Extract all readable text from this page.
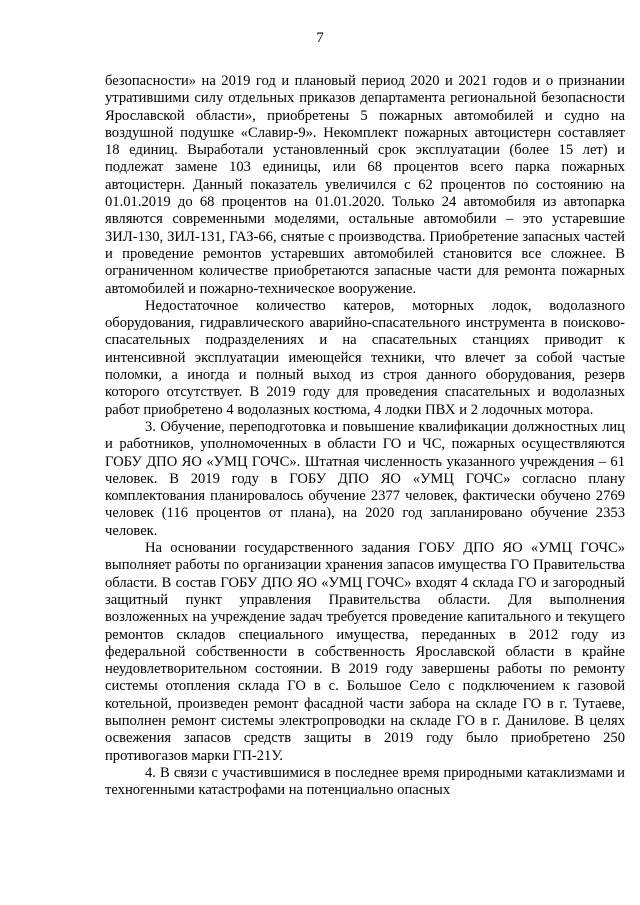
7

безопасности» на 2019 год и плановый период 2020 и 2021 годов и о признании утратившими силу отдельных приказов департамента региональной безопасности Ярославской области», приобретены 5 пожарных автомобилей и судно на воздушной подушке «Славир-9». Некомплект пожарных автоцистерн составляет 18 единиц. Выработали установленный срок эксплуатации (более 15 лет) и подлежат замене 103 единицы, или 68 процентов всего парка пожарных автоцистерн. Данный показатель увеличился с 62 процентов по состоянию на 01.01.2019 до 68 процентов на 01.01.2020. Только 24 автомобиля из автопарка являются современными моделями, остальные автомобили – это устаревшие ЗИЛ-130, ЗИЛ-131, ГАЗ-66, снятые с производства. Приобретение запасных частей и проведение ремонтов устаревших автомобилей становится все сложнее. В ограниченном количестве приобретаются запасные части для ремонта пожарных автомобилей и пожарно-техническое вооружение.

Недостаточное количество катеров, моторных лодок, водолазного оборудования, гидравлического аварийно-спасательного инструмента в поисково-спасательных подразделениях и на спасательных станциях приводит к интенсивной эксплуатации имеющейся техники, что влечет за собой частые поломки, а иногда и полный выход из строя данного оборудования, резерв которого отсутствует. В 2019 году для проведения спасательных и водолазных работ приобретено 4 водолазных костюма, 4 лодки ПВХ и 2 лодочных мотора.

3. Обучение, переподготовка и повышение квалификации должностных лиц и работников, уполномоченных в области ГО и ЧС, пожарных осуществляются ГОБУ ДПО ЯО «УМЦ ГОЧС». Штатная численность указанного учреждения – 61 человек. В 2019 году в ГОБУ ДПО ЯО «УМЦ ГОЧС» согласно плану комплектования планировалось обучение 2377 человек, фактически обучено 2769 человек (116 процентов от плана), на 2020 год запланировано обучение 2353 человек.

На основании государственного задания ГОБУ ДПО ЯО «УМЦ ГОЧС» выполняет работы по организации хранения запасов имущества ГО Правительства области. В состав ГОБУ ДПО ЯО «УМЦ ГОЧС» входят 4 склада ГО и загородный защитный пункт управления Правительства области. Для выполнения возложенных на учреждение задач требуется проведение капитального и текущего ремонтов складов специального имущества, переданных в 2012 году из федеральной собственности в собственность Ярославской области в крайне неудовлетворительном состоянии. В 2019 году завершены работы по ремонту системы отопления склада ГО в с. Большое Село с подключением к газовой котельной, произведен ремонт фасадной части забора на складе ГО в г. Тутаеве, выполнен ремонт системы электропроводки на складе ГО в г. Данилове. В целях освежения запасов средств защиты в 2019 году было приобретено 250 противогазов марки ГП-21У.

4. В связи с участившимися в последнее время природными катаклизмами и техногенными катастрофами на потенциально опасных
